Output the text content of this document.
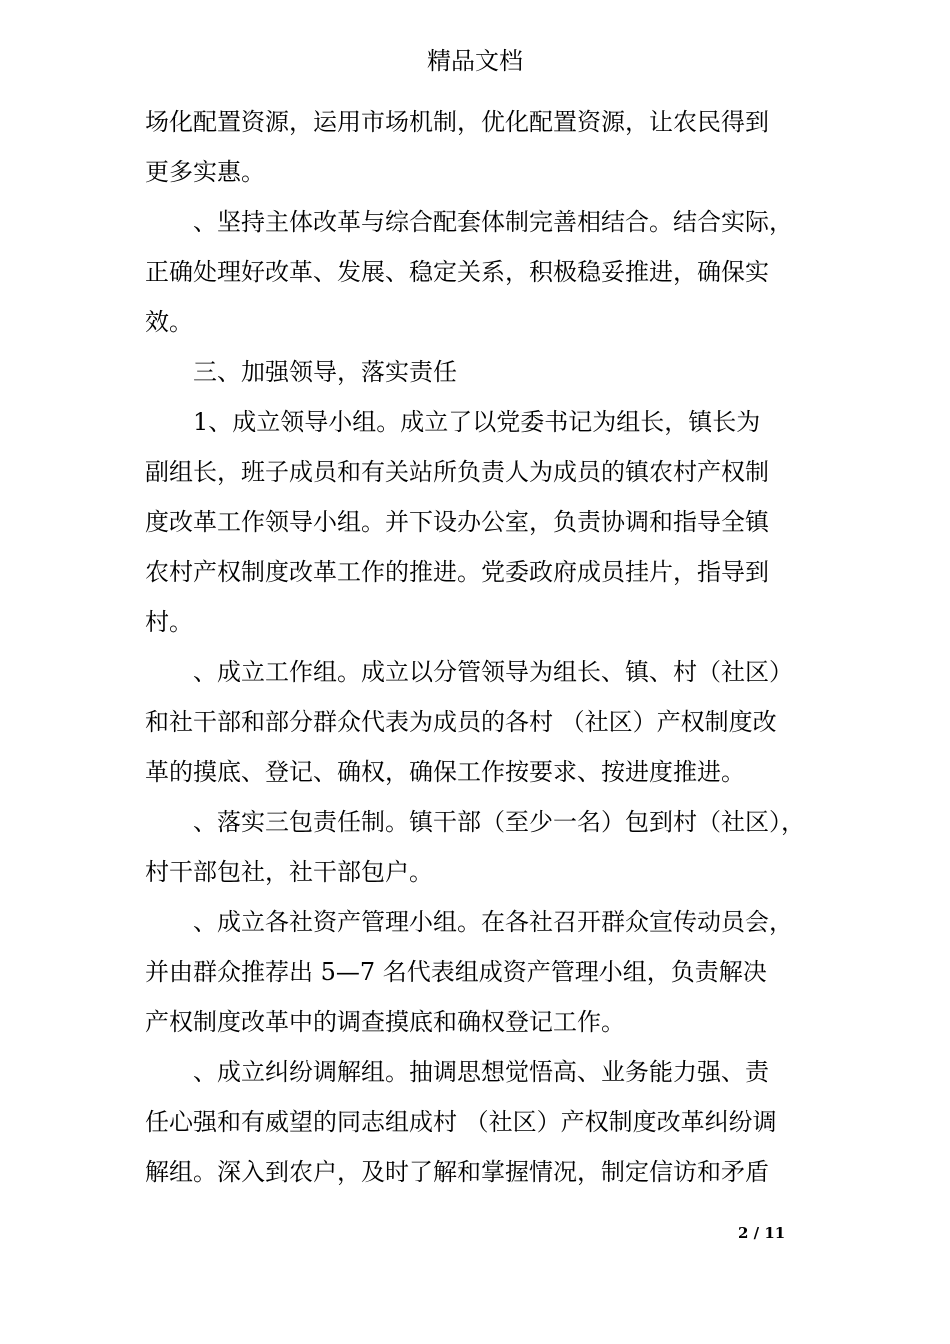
精品文档

场化配置资源，运用市场机制，优化配置资源，让农民得到

更多实惠。

　　、坚持主体改革与综合配套体制完善相结合。结合实际，

正确处理好改革、发展、稳定关系，积极稳妥推进，确保实

效。

　　三、加强领导，落实责任

　　1、成立领导小组。成立了以党委书记为组长，镇长为

副组长，班子成员和有关站所负责人为成员的镇农村产权制

度改革工作领导小组。并下设办公室，负责协调和指导全镇

农村产权制度改革工作的推进。党委政府成员挂片，指导到

村。

　　、成立工作组。成立以分管领导为组长、镇、村（社区）

和社干部和部分群众代表为成员的各村 （社区）产权制度改

革的摸底、登记、确权，确保工作按要求、按进度推进。

　　、落实三包责任制。镇干部（至少一名）包到村（社区），

村干部包社，社干部包户。

　　、成立各社资产管理小组。在各社召开群众宣传动员会，

并由群众推荐出 5—7 名代表组成资产管理小组，负责解决

产权制度改革中的调查摸底和确权登记工作。

　　、成立纠纷调解组。抽调思想觉悟高、业务能力强、责

任心强和有威望的同志组成村 （社区）产权制度改革纠纷调

解组。深入到农户，及时了解和掌握情况，制定信访和矛盾

2 / 11
